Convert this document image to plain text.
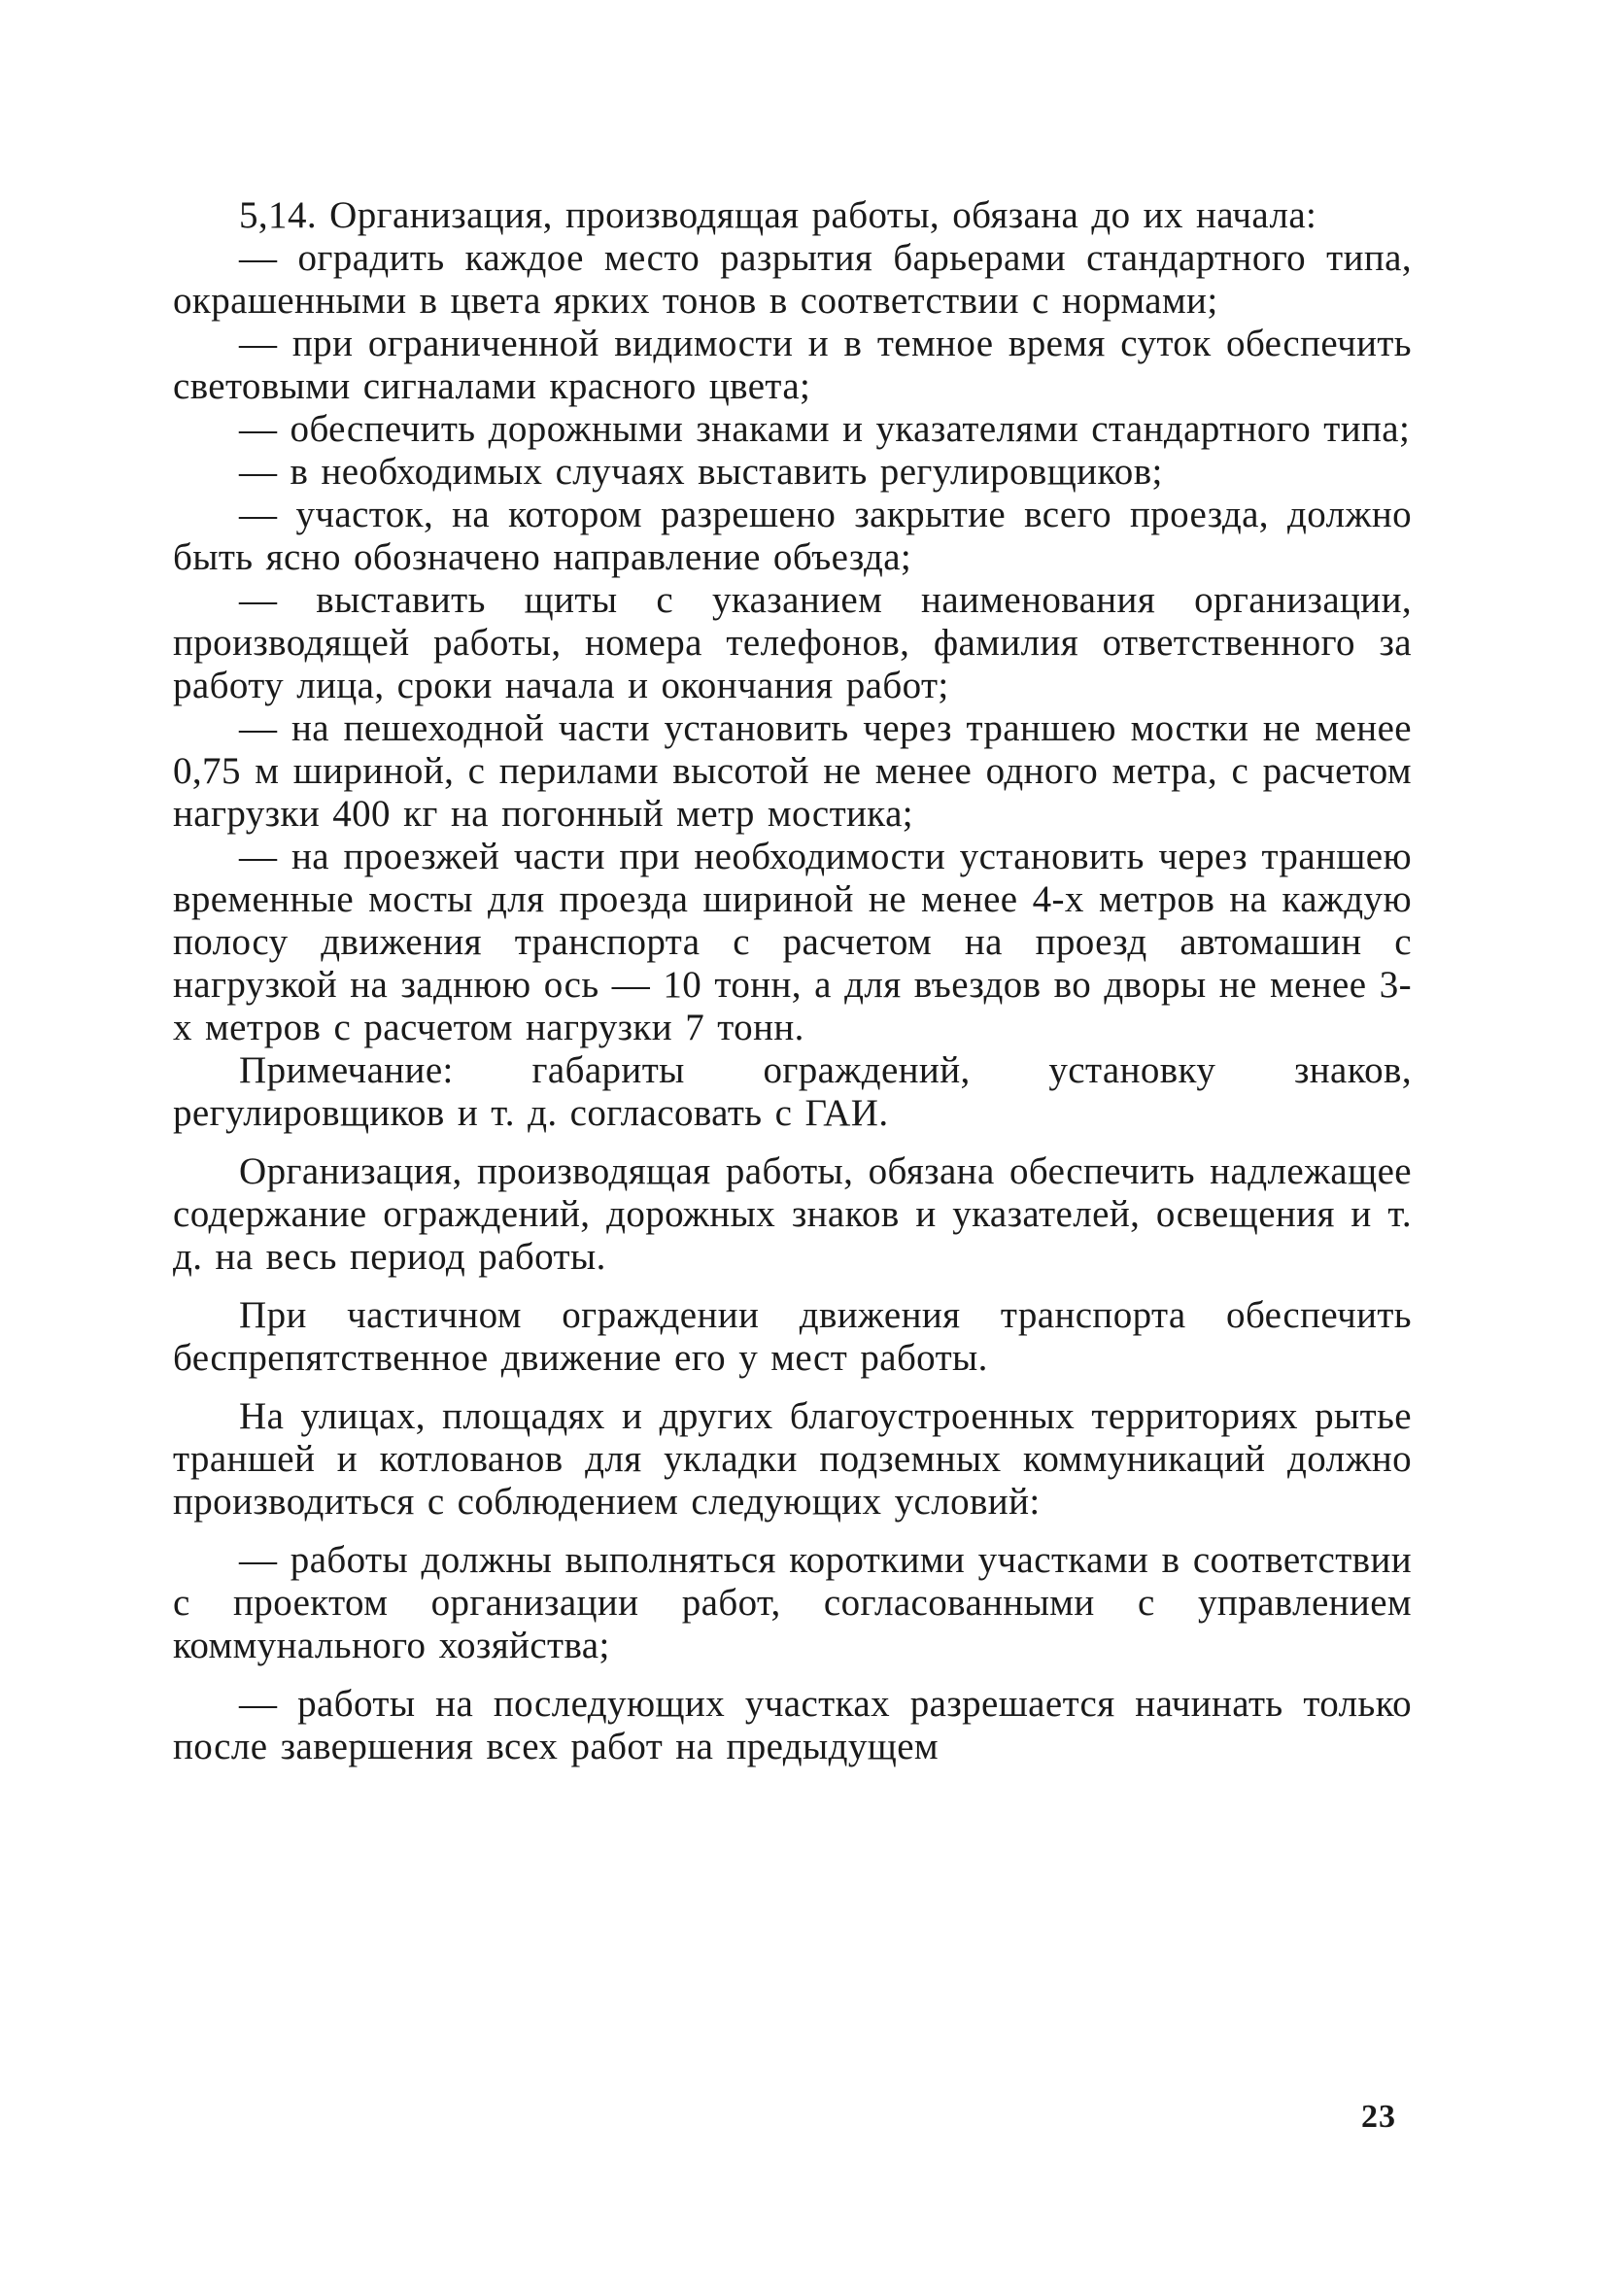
5,14. Организация, производящая работы, обязана до их начала:

— оградить каждое место разрытия барьерами стандартного типа, окрашенными в цвета ярких тонов в соответствии с нормами;

— при ограниченной видимости и в темное время суток обеспечить световыми сигналами красного цвета;

— обеспечить дорожными знаками и указателями стандартного типа;

— в необходимых случаях выставить регулировщиков;

— участок, на котором разрешено закрытие всего проезда, должно быть ясно обозначено направление объезда;

— выставить щиты с указанием наименования организации, производящей работы, номера телефонов, фамилия ответственного за работу лица, сроки начала и окончания работ;

— на пешеходной части установить через траншею мостки не менее 0,75 м шириной, с перилами высотой не менее одного метра, с расчетом нагрузки 400 кг на погонный метр мостика;

— на проезжей части при необходимости установить через траншею временные мосты для проезда шириной не менее 4-х метров на каждую полосу движения транспорта с расчетом на проезд автомашин с нагрузкой на заднюю ось — 10 тонн, а для въездов во дворы не менее 3-х метров с расчетом нагрузки 7 тонн.

Примечание: габариты ограждений, установку знаков, регулировщиков и т. д. согласовать с ГАИ.

Организация, производящая работы, обязана обеспечить надлежащее содержание ограждений, дорожных знаков и указателей, освещения и т. д. на весь период работы.

При частичном ограждении движения транспорта обеспечить беспрепятственное движение его у мест работы.

На улицах, площадях и других благоустроенных территориях рытье траншей и котлованов для укладки подземных коммуникаций должно производиться с соблюдением следующих условий:

— работы должны выполняться короткими участками в соответствии с проектом организации работ, согласованными с управлением коммунального хозяйства;

— работы на последующих участках разрешается начинать только после завершения всех работ на предыдущем

23
